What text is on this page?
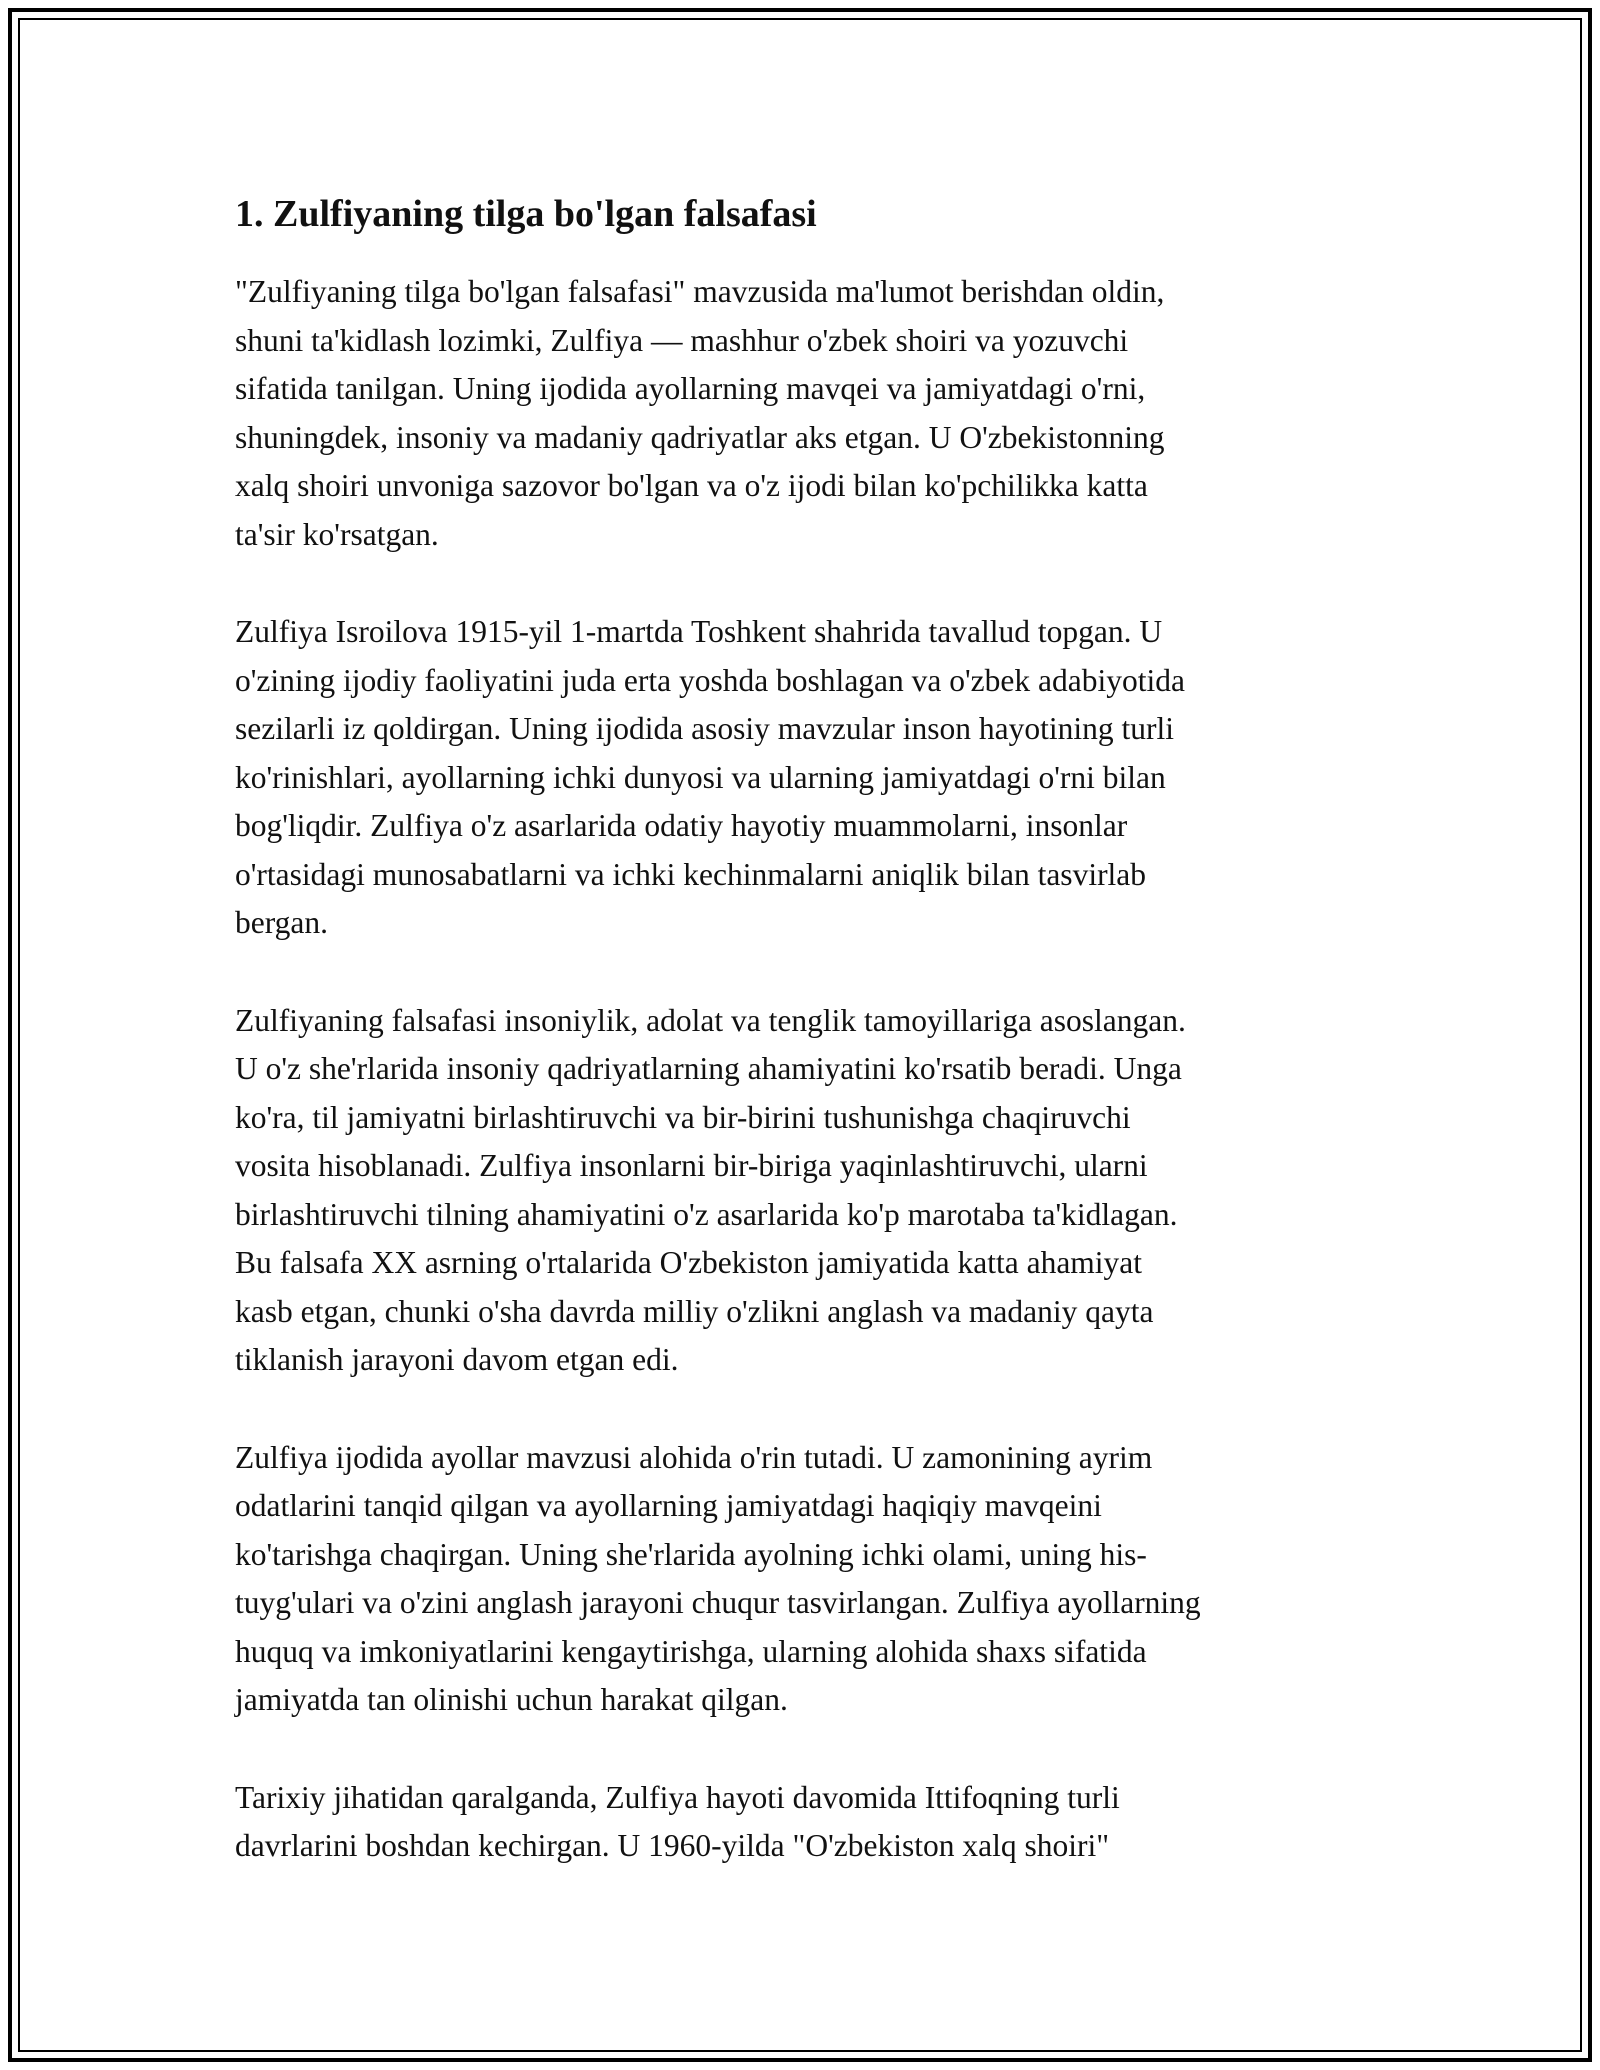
1. Zulfiyaning tilga bo'lgan falsafasi
"Zulfiyaning tilga bo'lgan falsafasi" mavzusida ma'lumot berishdan oldin,
shuni ta'kidlash lozimki, Zulfiya — mashhur o'zbek shoiri va yozuvchi
sifatida tanilgan. Uning ijodida ayollarning mavqei va jamiyatdagi o'rni,
shuningdek, insoniy va madaniy qadriyatlar aks etgan. U O'zbekistonning
xalq shoiri unvoniga sazovor bo'lgan va o'z ijodi bilan ko'pchilikka katta
ta'sir ko'rsatgan.
Zulfiya Isroilova 1915-yil 1-martda Toshkent shahrida tavallud topgan. U
o'zining ijodiy faoliyatini juda erta yoshda boshlagan va o'zbek adabiyotida
sezilarli iz qoldirgan. Uning ijodida asosiy mavzular inson hayotining turli
ko'rinishlari, ayollarning ichki dunyosi va ularning jamiyatdagi o'rni bilan
bog'liqdir. Zulfiya o'z asarlarida odatiy hayotiy muammolarni, insonlar
o'rtasidagi munosabatlarni va ichki kechinmalarni aniqlik bilan tasvirlab
bergan.
Zulfiyaning falsafasi insoniylik, adolat va tenglik tamoyillariga asoslangan.
U o'z she'rlarida insoniy qadriyatlarning ahamiyatini ko'rsatib beradi. Unga
ko'ra, til jamiyatni birlashtiruvchi va bir-birini tushunishga chaqiruvchi
vosita hisoblanadi. Zulfiya insonlarni bir-biriga yaqinlashtiruvchi, ularni
birlashtiruvchi tilning ahamiyatini o'z asarlarida ko'p marotaba ta'kidlagan.
Bu falsafa XX asrning o'rtalarida O'zbekiston jamiyatida katta ahamiyat
kasb etgan, chunki o'sha davrda milliy o'zlikni anglash va madaniy qayta
tiklanish jarayoni davom etgan edi.
Zulfiya ijodida ayollar mavzusi alohida o'rin tutadi. U zamonining ayrim
odatlarini tanqid qilgan va ayollarning jamiyatdagi haqiqiy mavqeini
ko'tarishga chaqirgan. Uning she'rlarida ayolning ichki olami, uning his-
tuyg'ulari va o'zini anglash jarayoni chuqur tasvirlangan. Zulfiya ayollarning
huquq va imkoniyatlarini kengaytirishga, ularning alohida shaxs sifatida
jamiyatda tan olinishi uchun harakat qilgan.
Tarixiy jihatidan qaralganda, Zulfiya hayoti davomida Ittifoqning turli
davrlarini boshdan kechirgan. U 1960-yilda "O'zbekiston xalq shoiri"
